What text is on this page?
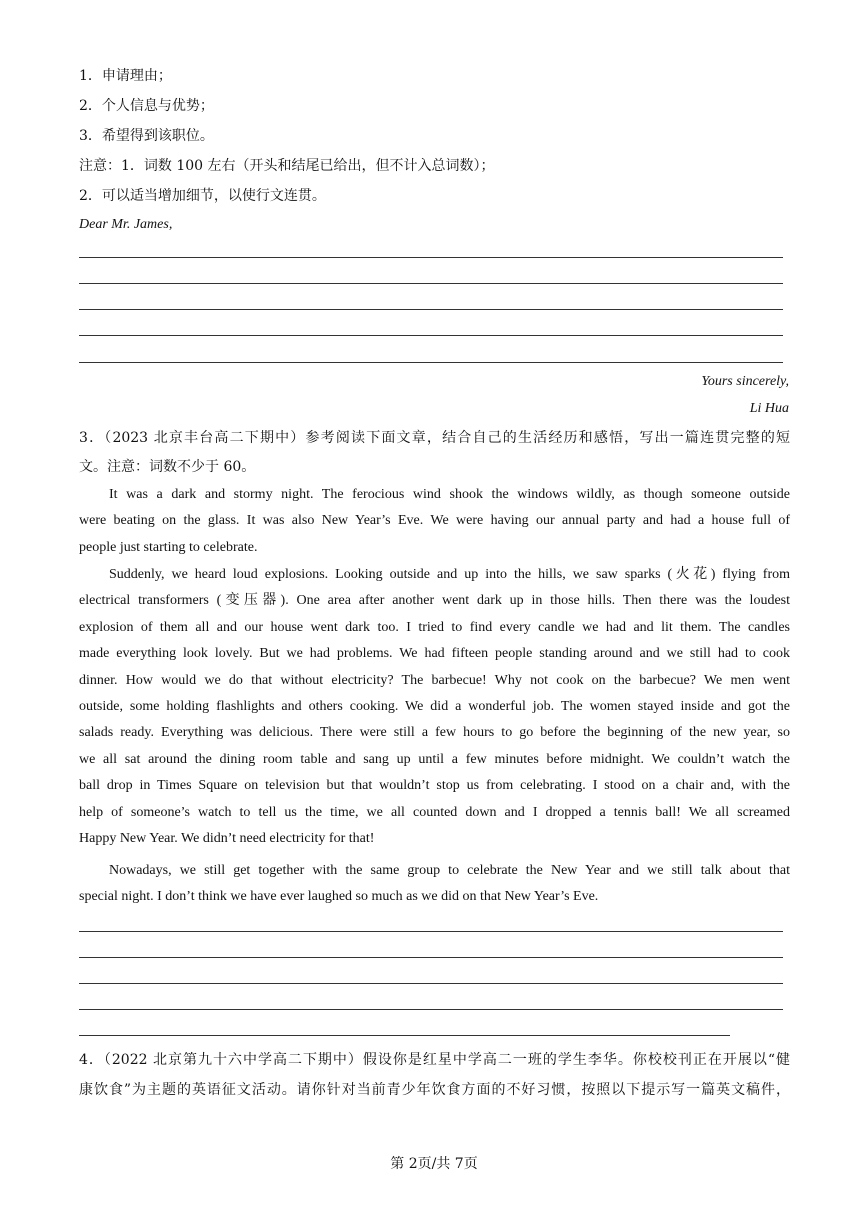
1．申请理由；
2．个人信息与优势；
3．希望得到该职位。
注意：1．词数 100 左右（开头和结尾已给出，但不计入总词数）；
2．可以适当增加细节，以使行文连贯。
Dear Mr. James,
Yours sincerely,
Li Hua
3．（2023 北京丰台高二下期中）参考阅读下面文章，结合自己的生活经历和感悟，写出一篇连贯完整的短
文。注意：词数不少于 60。
It was a dark and stormy night. The ferocious wind shook the windows wildly, as though someone outside
were beating on the glass. It was also New Year’s Eve. We were having our annual party and had a house full of
people just starting to celebrate.
Suddenly, we heard loud explosions. Looking outside and up into the hills, we saw sparks (火花) flying from
electrical transformers (变压器). One area after another went dark up in those hills. Then there was the loudest
explosion of them all and our house went dark too. I tried to find every candle we had and lit them. The candles
made everything look lovely. But we had problems. We had fifteen people standing around and we still had to cook
dinner. How would we do that without electricity? The barbecue! Why not cook on the barbecue? We men went
outside, some holding flashlights and others cooking. We did a wonderful job. The women stayed inside and got the
salads ready. Everything was delicious. There were still a few hours to go before the beginning of the new year, so
we all sat around the dining room table and sang up until a few minutes before midnight. We couldn’t watch the
ball drop in Times Square on television but that wouldn’t stop us from celebrating. I stood on a chair and, with the
help of someone’s watch to tell us the time, we all counted down and I dropped a tennis ball! We all screamed
Happy New Year. We didn’t need electricity for that!
Nowadays, we still get together with the same group to celebrate the New Year and we still talk about that
special night. I don’t think we have ever laughed so much as we did on that New Year’s Eve.
4．（2022 北京第九十六中学高二下期中）假设你是红星中学高二一班的学生李华。你校校刊正在开展以“健
康饮食”为主题的英语征文活动。请你针对当前青少年饮食方面的不好习惯，按照以下提示写一篇英文稿件，
第 2页/共 7页
